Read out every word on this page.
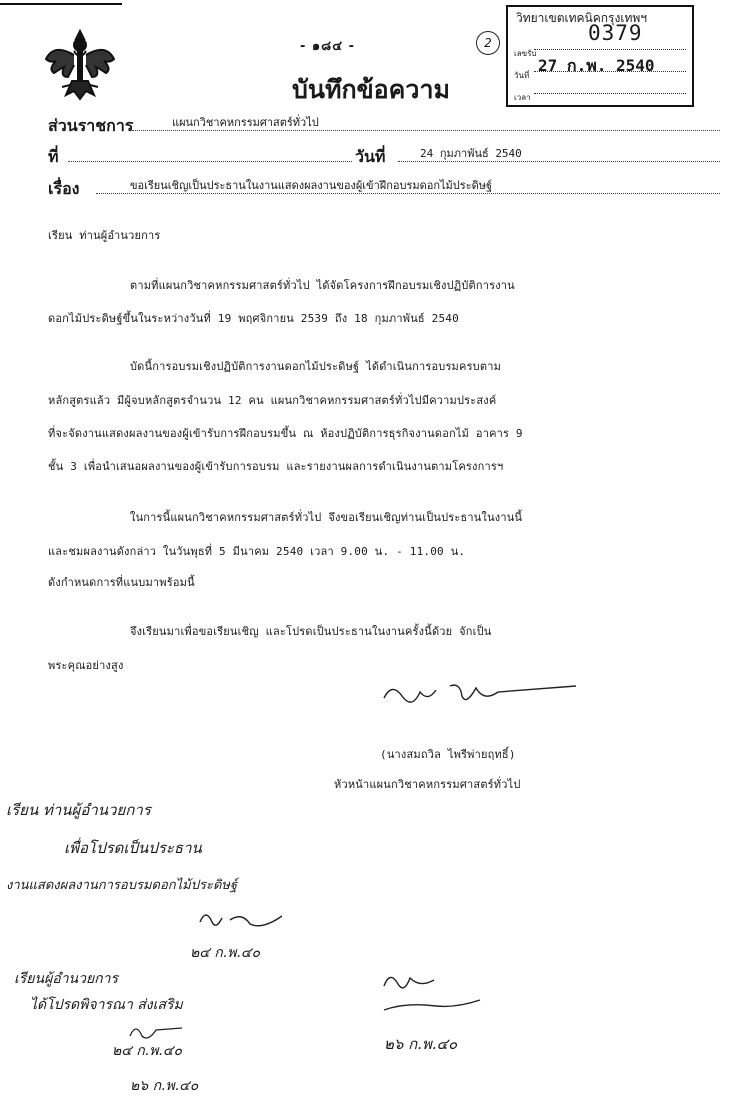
- ๑๘๔ -	2
วิทยาเขตเทคนิคกรุงเทพฯ
เลขรับ
0379
วันที่
27 ก.พ. 2540
เวลา
บันทึกข้อความ
ส่วนราชการ	แผนกวิชาคหกรรมศาสตร์ทั่วไป
ที่	วันที่	24 กุมภาพันธ์ 2540
เรื่อง	ขอเรียนเชิญเป็นประธานในงานแสดงผลงานของผู้เข้าฝึกอบรมดอกไม้ประดิษฐ์
เรียน ท่านผู้อำนวยการ
ตามที่แผนกวิชาคหกรรมศาสตร์ทั่วไป ได้จัดโครงการฝึกอบรมเชิงปฏิบัติการงาน
ดอกไม้ประดิษฐ์ขึ้นในระหว่างวันที่ 19 พฤศจิกายน 2539 ถึง 18 กุมภาพันธ์ 2540
บัดนี้การอบรมเชิงปฏิบัติการงานดอกไม้ประดิษฐ์ ได้ดำเนินการอบรมครบตาม
หลักสูตรแล้ว มีผู้จบหลักสูตรจำนวน 12 คน แผนกวิชาคหกรรมศาสตร์ทั่วไปมีความประสงค์
ที่จะจัดงานแสดงผลงานของผู้เข้ารับการฝึกอบรมขึ้น ณ ห้องปฏิบัติการธุรกิจงานดอกไม้ อาคาร 9
ชั้น 3 เพื่อนำเสนอผลงานของผู้เข้ารับการอบรม และรายงานผลการดำเนินงานตามโครงการฯ
ในการนี้แผนกวิชาคหกรรมศาสตร์ทั่วไป จึงขอเรียนเชิญท่านเป็นประธานในงานนี้
และชมผลงานดังกล่าว ในวันพุธที่ 5 มีนาคม 2540 เวลา 9.00 น. - 11.00 น.
ดังกำหนดการที่แนบมาพร้อมนี้
จึงเรียนมาเพื่อขอเรียนเชิญ และโปรดเป็นประธานในงานครั้งนี้ด้วย จักเป็น
พระคุณอย่างสูง
(นางสมถวิล ไพรีพ่ายฤทธิ์)
หัวหน้าแผนกวิชาคหกรรมศาสตร์ทั่วไป
เรียน ท่านผู้อำนวยการ
เพื่อโปรดเป็นประธาน
งานแสดงผลงานการอบรมดอกไม้ประดิษฐ์
๒๔ ก.พ.๔๐
เรียนผู้อำนวยการ
ได้โปรดพิจารณา ส่งเสริม
๒๔ ก.พ.๔๐
๒๖ ก.พ.๔๐
๒๖ ก.พ.๔๐
